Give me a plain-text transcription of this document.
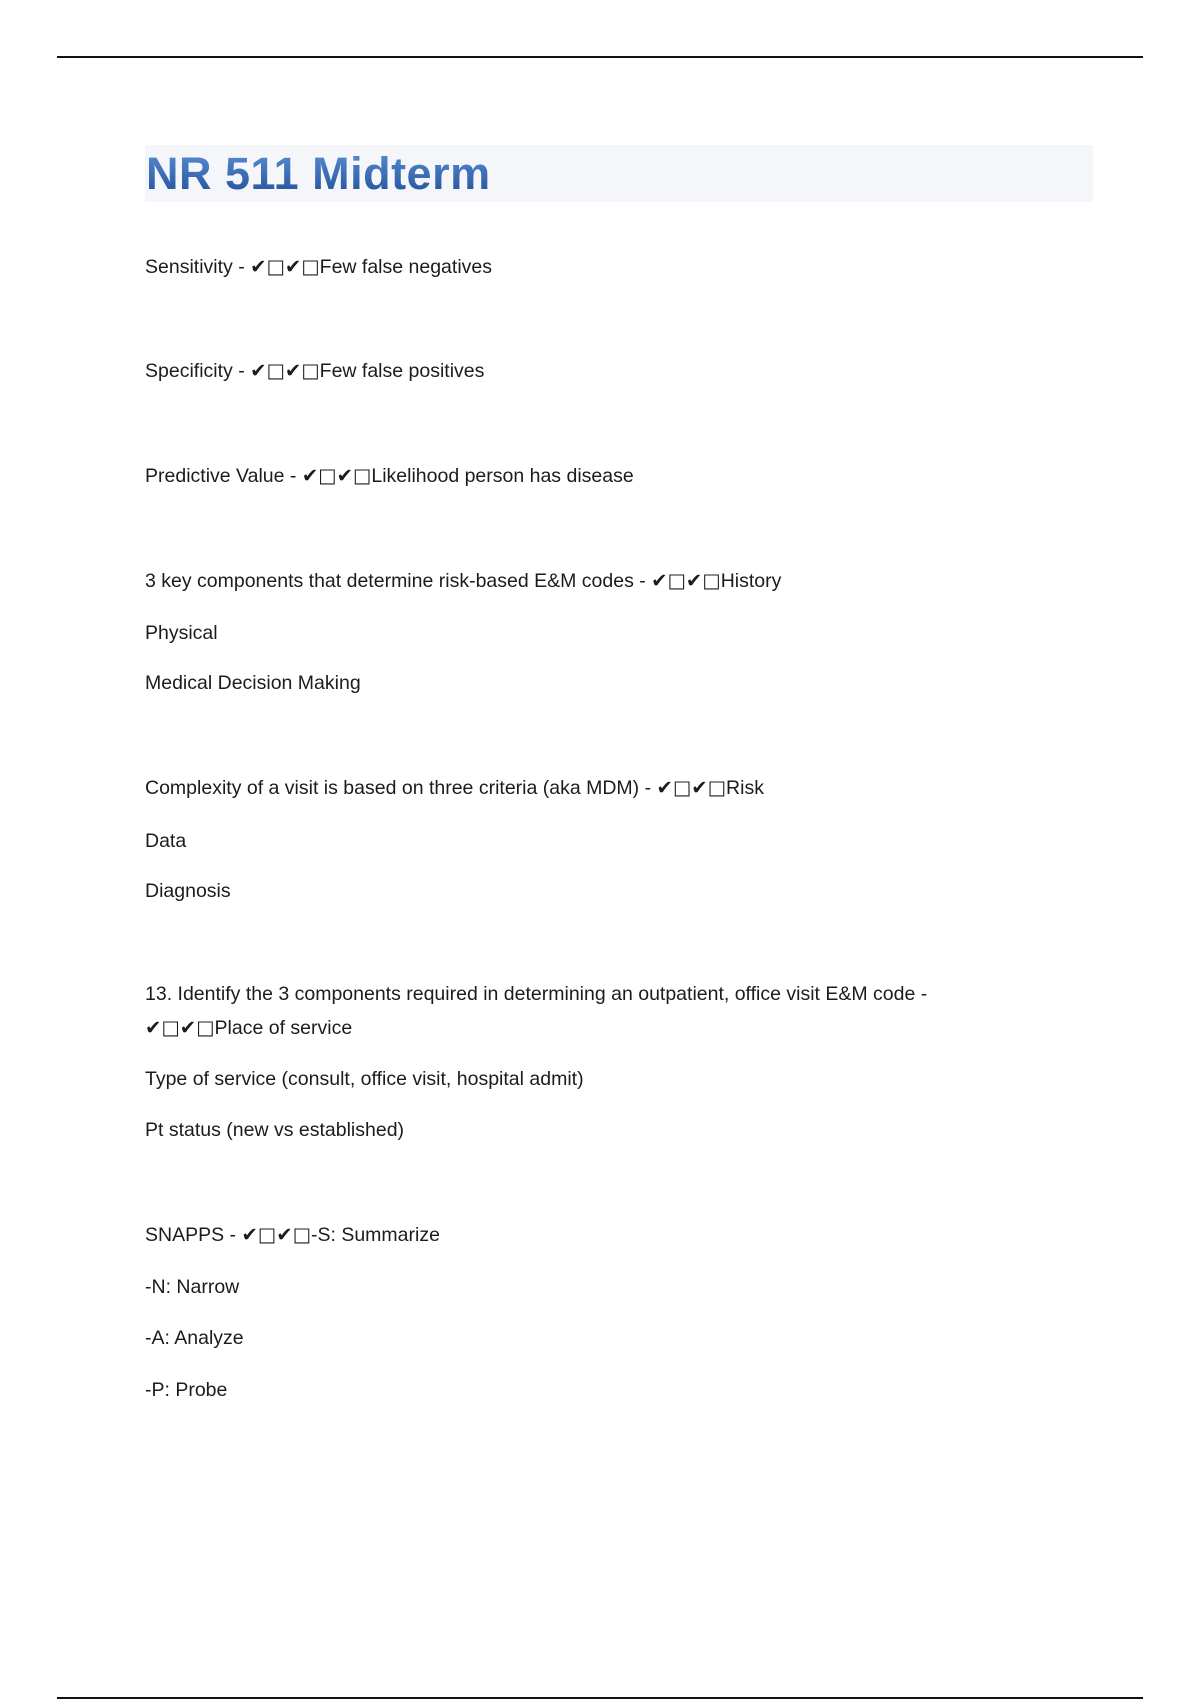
NR 511 Midterm
Sensitivity - ✔□✔□Few false negatives
Specificity - ✔□✔□Few false positives
Predictive Value - ✔□✔□Likelihood person has disease
3 key components that determine risk-based E&M codes - ✔□✔□History
Physical
Medical Decision Making
Complexity of a visit is based on three criteria (aka MDM) - ✔□✔□Risk
Data
Diagnosis
13. Identify the 3 components required in determining an outpatient, office visit E&M code - ✔□✔□Place of service
Type of service (consult, office visit, hospital admit)
Pt status (new vs established)
SNAPPS - ✔□✔□-S: Summarize
-N: Narrow
-A: Analyze
-P: Probe
